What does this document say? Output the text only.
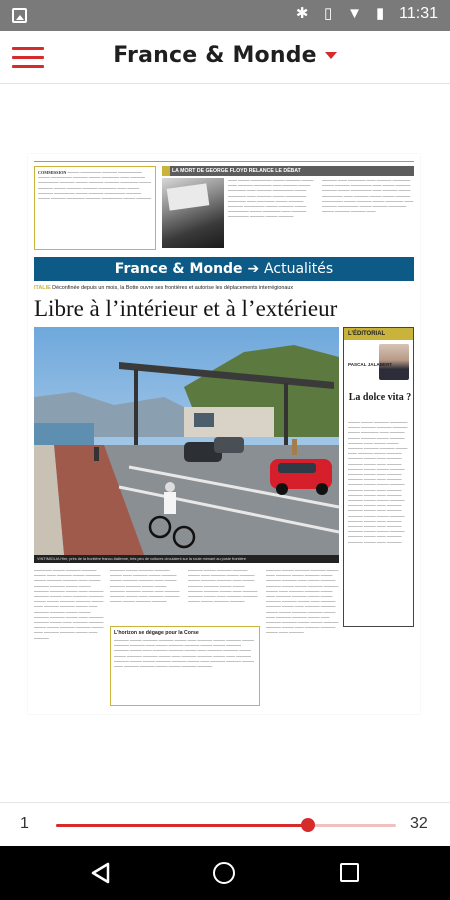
✱ ▯ ▼ ▮ 11:31
France & Monde
COMMISSION ──── ─────── ───── ──────── ──── ─────── ───── ──── ────── ─── ───── ─────── ───── ──── ───── ───── ────── ──── ───── ──── ───── ───── ────── ─── ──── ───── ─────── ──── ───── ─────── ───── ──── ───── ────── ───── ─────── ──── ─────
LA MORT DE GEORGE FLOYD RELANCE LE DÉBAT
─── ──── ─────── ──── ───── ──── ─── ───── ────── ─── ───── ──── ────── ─── ───── ─────── ──── ────── ─── ───── ──── ─────── ────── ─── ────── ──── ───── ───── ─────── ──── ───── ──── ─────── ──── ────── ─── ───── ─────── ───── ──── ─────
───── ─── ────── ─── ───── ────── ──── ───── ─────── ─── ──── ───── ───── ──── ─────── ─── ───── ──── ─────── ─── ───── ──── ──── ───── ─────── ──── ───── ──── ────── ─── ───── ─────── ──── ───── ────── ──── ───── ───── ───
France & Monde ➔ Actualités
ITALIE Déconfinée depuis un mois, la Botte ouvre ses frontières et autorise les déplacements interrégionaux
Libre à l’intérieur et à l’extérieur
VINTIMIGLIA Hier, près de la frontière franco-italienne, très peu de voitures circulaient sur la route menant au poste frontière
L’ÉDITORIAL
PASCAL JALABERT
La dolce vita ?
──── ──── ───── ────── ──── ───── ───── ───── ──── ────── ─── ───── ──── ───── ──── ───── ───── ─── ──── ──── ───── ───── ───── ──── ─── ───── ──── ───── ───── ──── ─── ───── ───── ──── ─── ───── ───── ──── ──── ───── ───── ──── ─── ───── ───── ──── ─── ───── ───── ──── ──── ───── ───── ──── ─── ───── ───── ──── ─── ───── ───── ──── ──── ───── ───── ──── ─── ───── ───── ──── ─── ───── ───── ──── ──── ───── ───── ──── ─── ───── ───── ──── ─── ───── ───── ──── ──── ───── ───── ──── ─── ───── ───── ──── ─── ─────
────── ──── ───── ───── ──── ─── ───── ──── ───── ──── ───── ───── ─── ──── ───── ───── ──── ──── ───── ───── ──── ─── ───── ───── ──── ─── ───── ───── ──── ──── ───── ───── ──── ─── ───── ───── ──── ─── ───── ───── ──── ──── ───── ───── ──── ─── ───── ───── ──── ─── ───── ───── ──── ──── ───── ───── ──── ─── ───── ───── ──── ─── ─────
───── ──── ───── ───── ──── ─── ───── ──── ───── ──── ───── ───── ─── ──── ───── ───── ──── ──── ───── ───── ──── ─── ───── ───── ──── ─── ───── ───── ──── ──── ───── ─────
───── ──── ───── ───── ──── ─── ───── ──── ───── ──── ───── ───── ─── ──── ───── ───── ──── ──── ───── ───── ──── ─── ───── ───── ──── ─── ───── ───── ──── ──── ───── ─────
───── ──── ───── ───── ──── ─── ───── ──── ───── ──── ───── ───── ─── ──── ───── ───── ──── ──── ───── ───── ──── ─── ───── ───── ──── ─── ───── ───── ──── ──── ───── ───── ──── ─── ───── ───── ──── ─── ───── ───── ──── ──── ───── ───── ──── ─── ───── ───── ──── ─── ───── ───── ──── ──── ───── ───── ──── ─── ───── ───── ──── ─── ─────
L’horizon se dégage pour la Corse
───── ──── ───── ───── ──── ─── ───── ──── ───── ──── ───── ───── ─── ──── ───── ───── ──── ──── ───── ───── ──── ─── ───── ───── ──── ─── ───── ───── ──── ──── ───── ───── ──── ─── ───── ───── ──── ─── ───── ───── ──── ──── ───── ───── ──── ─── ───── ───── ──── ─── ───── ───── ──── ──── ───── ─────
1	32
